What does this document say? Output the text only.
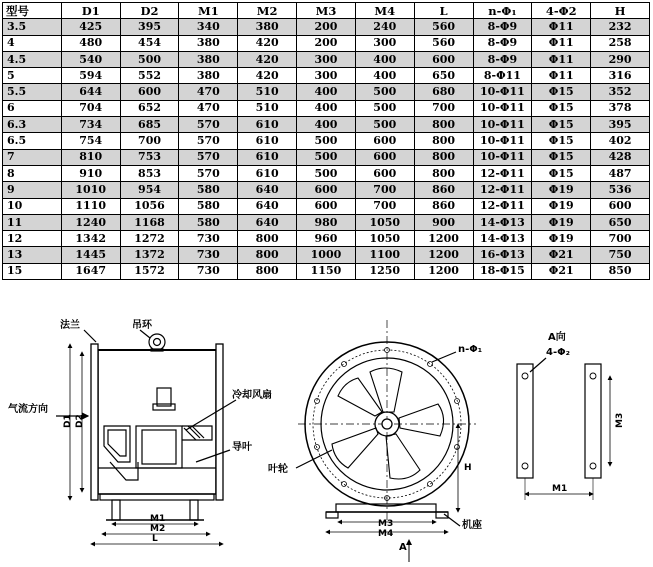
型号	D1	D2	M1	M2	M3	M4	L	n-Φ₁	4-Φ2	H
3.5	425	395	340	380	200	240	560	8-Φ9	Φ11	232
4	480	454	380	420	200	300	560	8-Φ9	Φ11	258
4.5	540	500	380	420	300	400	600	8-Φ9	Φ11	290
5	594	552	380	420	300	400	650	8-Φ11	Φ11	316
5.5	644	600	470	510	400	500	680	10-Φ11	Φ15	352
6	704	652	470	510	400	500	700	10-Φ11	Φ15	378
6.3	734	685	570	610	400	500	800	10-Φ11	Φ15	395
6.5	754	700	570	610	500	600	800	10-Φ11	Φ15	402
7	810	753	570	610	500	600	800	10-Φ11	Φ15	428
8	910	853	570	610	500	600	800	12-Φ11	Φ15	487
9	1010	954	580	640	600	700	860	12-Φ11	Φ19	536
10	1110	1056	580	640	600	700	860	12-Φ11	Φ19	600
11	1240	1168	580	640	980	1050	900	14-Φ13	Φ19	650
12	1342	1272	730	800	960	1050	1200	14-Φ13	Φ19	700
13	1445	1372	730	800	1000	1100	1200	16-Φ13	Φ21	750
15	1647	1572	730	800	1150	1250	1200	18-Φ15	Φ21	850
法兰	吊环
气流方向
冷却风扇
导叶
D1 D2
M1
M2
L
n-Φ₁
叶轮
机座
H
M3
M4
A
A向
4-Φ₂
M3
M1
